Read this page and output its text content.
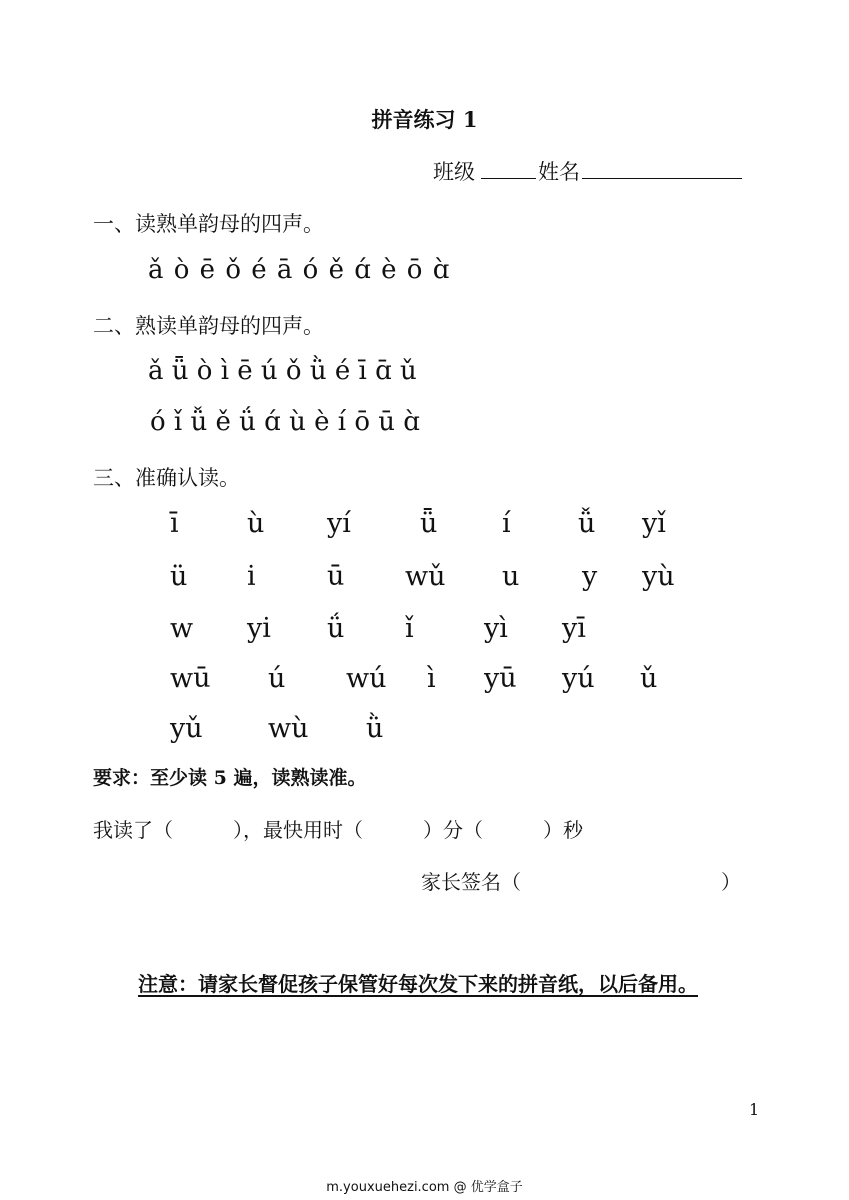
拼音练习 1
班级	姓名
一、读熟单韵母的四声。
ǎ ò ē ǒ é ā ó ě ɑ́ è ō ɑ̀
二、熟读单韵母的四声。
ǎ ǖ ò ì ē ú ǒ ǜ é ī ɑ̄ ǔ
ó ǐ ǚ ě ǘ ɑ́ ù è í ō ū ɑ̀
三、准确认读。
ī	ù yí	ǖ í ǚ yǐ
ü i	ū wǔ u y yù
w yi ǘ ǐ	yì yī
wū ú wú ì yū yú ǔ
yǔ wù ǜ
要求：至少读 5 遍，读熟读准。
我读了（　　　），最快用时（　　　）分（　　　）秒
家长签名（　　　　　　　　　　）
注意：请家长督促孩子保管好每次发下来的拼音纸，以后备用。
1
m.youxuehezi.com @ 优学盒子
